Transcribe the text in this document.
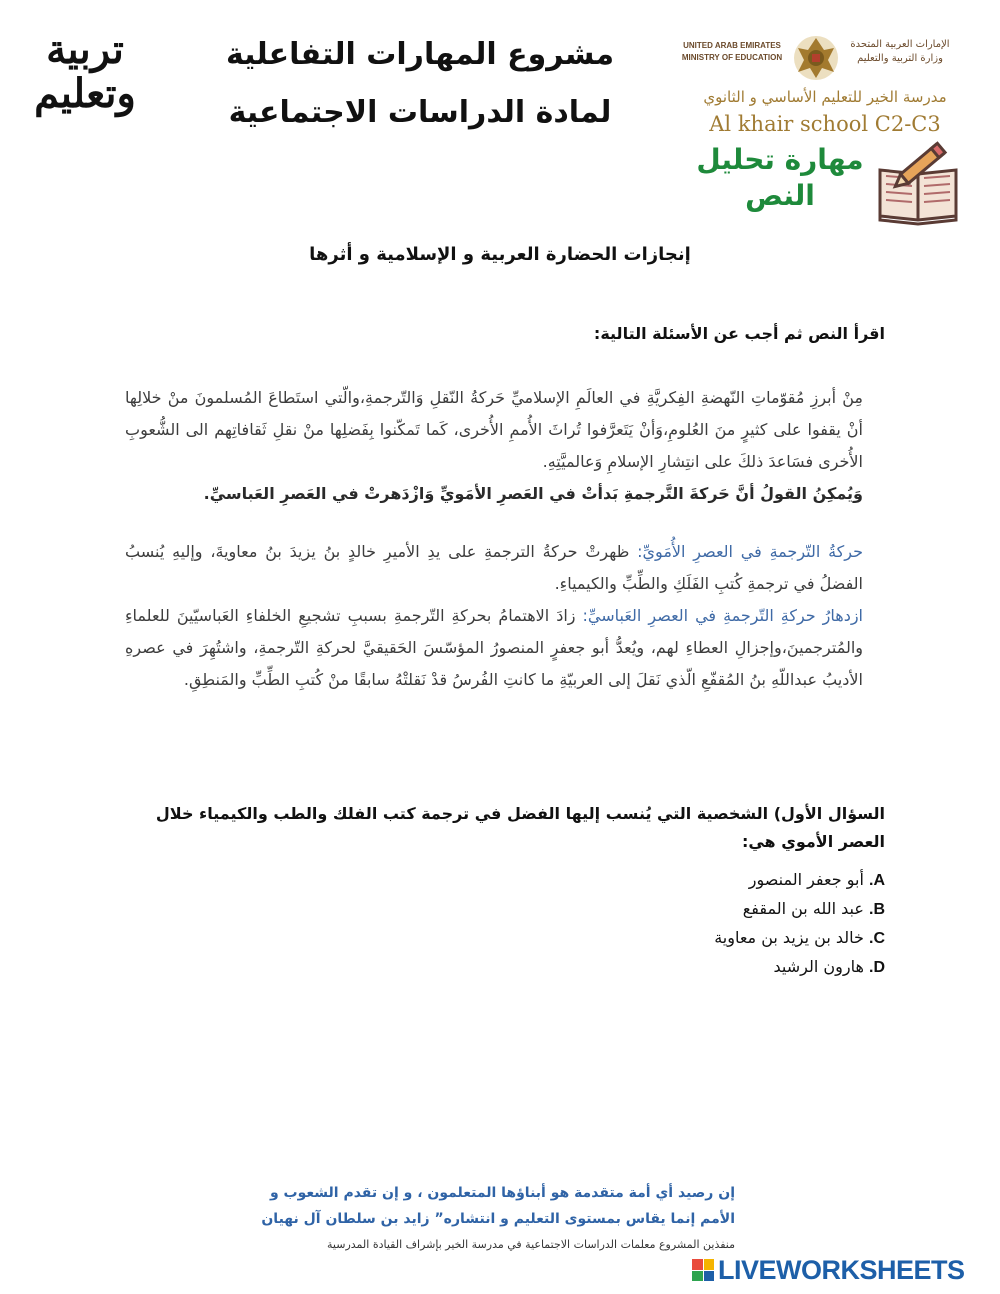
تربية وتعليم
مشروع المهارات التفاعلية
لمادة الدراسات الاجتماعية
UNITED ARAB EMIRATES MINISTRY OF EDUCATION
الإمارات العربية المتحدة وزارة التربية والتعليم
مدرسة الخير للتعليم الأساسي و الثانوي
Al khair school C2-C3
مهارة تحليل
النص
إنجازات الحضارة العربية و الإسلامية و أثرها
اقرأ النص ثم أجب عن الأسئلة التالية:

مِنْ أبرزِ مُقوّماتِ النّهضةِ الفِكريَّةِ في العالَمِ الإسلاميِّ حَركةُ النّقلِ وَالتّرجمةِ،والّتي استَطاعَ المُسلمونَ منْ خلالِها أنْ يقفوا على كثيرٍ منَ العُلومِ،وَأنْ يَتَعرَّفوا تُراثَ الأُممِ الأُخرى، كَما تَمكّنوا بِفَضلِها منْ نقلِ ثَقافاتِهم الى الشُّعوبِ الأُخرى فسَاعدَ ذلكَ على انتِشارِ الإسلامِ وَعالميَّتِهِ.

وَيُمكِنُ القولُ أنَّ حَركةَ التَّرجمةِ بَدأتْ في العَصرِ الأمَويِّ وَازْدَهرتْ في العَصرِ العَباسيِّ.

حركةُ التّرجمةِ في العصرِ الأُمَويِّ: ظهرتْ حركةُ الترجمةِ على يدِ الأميرِ خالدٍ بنُ يزيدَ بنُ معاويةَ، وإليهِ يُنسبُ الفضلُ في ترجمةِ كُتبِ الفَلَكِ والطِّبِّ والكيمياءِ.

ازدهارُ حركةِ التّرجمةِ في العصرِ العَباسيِّ: زادَ الاهتمامُ بحركةِ التّرجمةِ بسببِ تشجيعِ الخلفاءِ العَباسيّينَ للعلماءِ والمُترجمينَ،وإجزالِ العطاءِ لهم، ويُعدُّ أبو جعفرٍ المنصورُ المؤسّسَ الحَقيقيَّ لحركةِ التّرجمةِ، واشتُهِرَ في عصرهِ الأديبُ عبداللّهِ بنُ المُقفّعِ الّذي نَقلَ إلى العربيّةِ ما كانتِ الفُرسُ قدْ نَقلتْهُ سابقًا منْ كُتبِ الطِّبِّ والمَنطِقِ.

السؤال الأول) الشخصية التي يُنسب إليها الفضل في ترجمة كتب الفلك والطب والكيمياء خلال العصر الأموي هي:
A. أبو جعفر المنصور
B. عبد الله بن المقفع
C. خالد بن يزيد بن معاوية
D. هارون الرشيد
إن رصيد أي أمة متقدمة هو أبناؤها المتعلمون ، و إن تقدم الشعوب و
الأمم إنما يقاس بمستوى التعليم و انتشاره” زايد بن سلطان آل نهيان
منفذين المشروع معلمات الدراسات الاجتماعية في مدرسة الخير بإشراف القيادة المدرسية
LIVEWORKSHEETS
